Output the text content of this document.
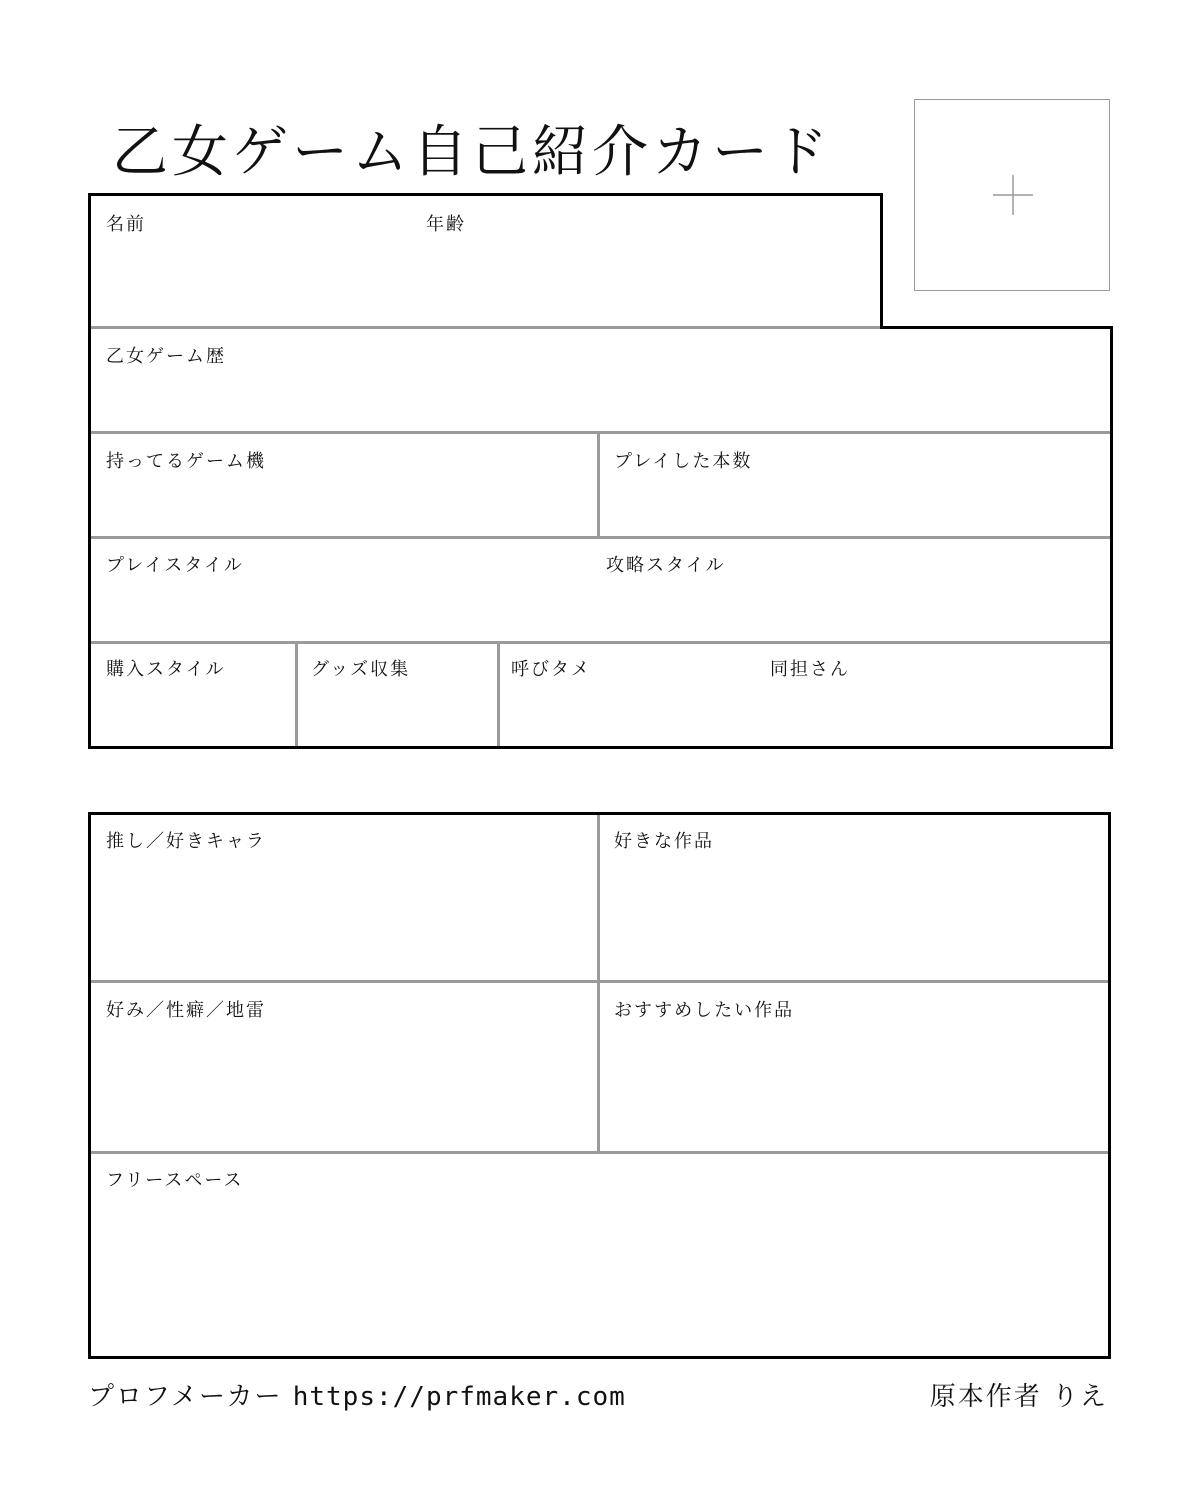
乙女ゲーム自己紹介カード
名前	年齢
乙女ゲーム歴
持ってるゲーム機	プレイした本数
プレイスタイル	攻略スタイル
購入スタイル	グッズ収集	呼びタメ	同担さん
推し／好きキャラ	好きな作品
好み／性癖／地雷	おすすめしたい作品
フリースペース
プロフメーカー https://prfmaker.com	原本作者 りえ
